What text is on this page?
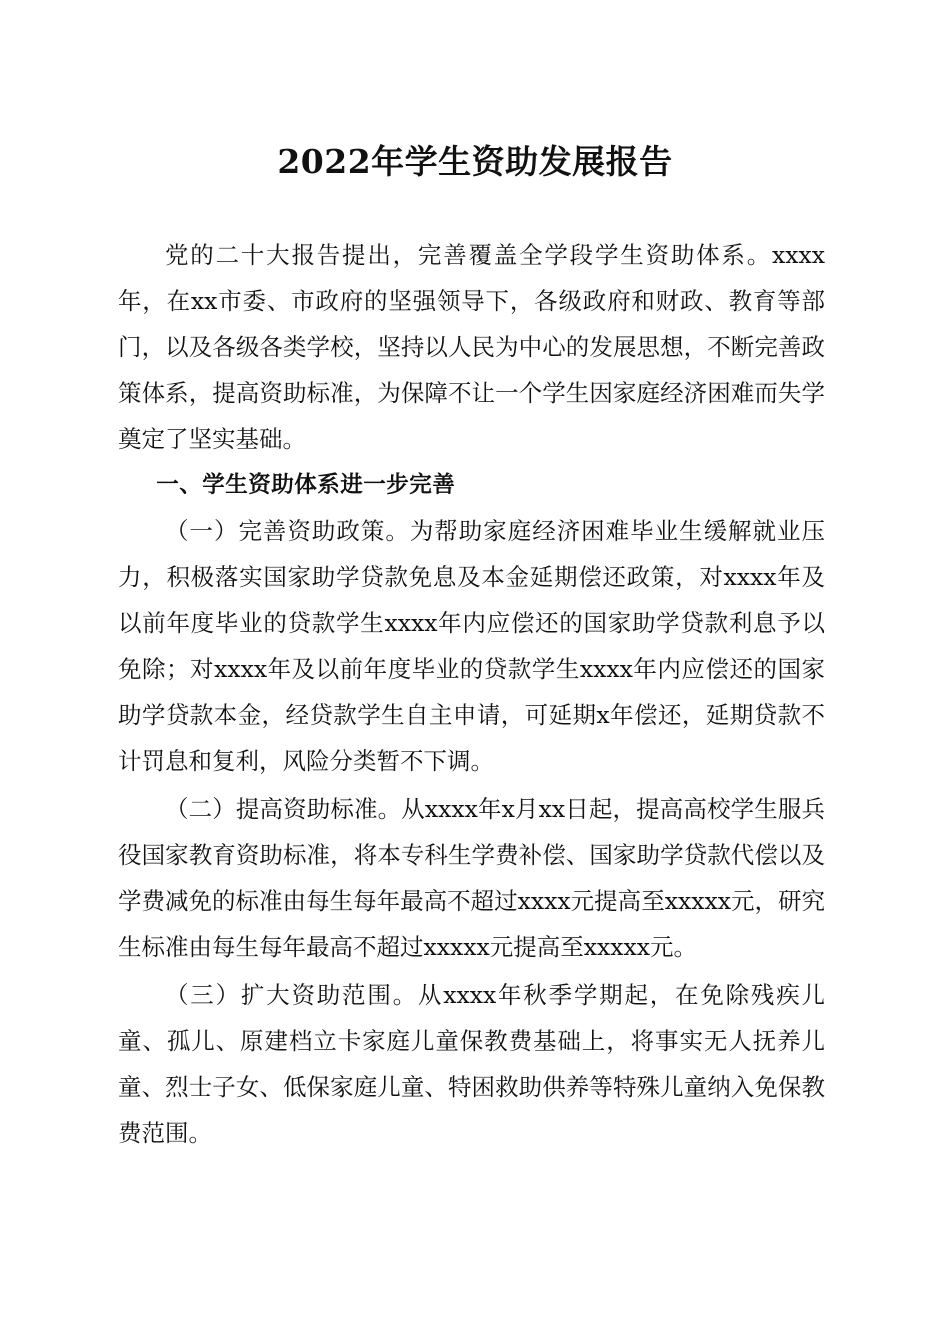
2022年学生资助发展报告

党的二十大报告提出，完善覆盖全学段学生资助体系。xxxx年，在xx市委、市政府的坚强领导下，各级政府和财政、教育等部门，以及各级各类学校，坚持以人民为中心的发展思想，不断完善政策体系，提高资助标准，为保障不让一个学生因家庭经济困难而失学奠定了坚实基础。

一、学生资助体系进一步完善

（一）完善资助政策。为帮助家庭经济困难毕业生缓解就业压力，积极落实国家助学贷款免息及本金延期偿还政策，对xxxx年及以前年度毕业的贷款学生xxxx年内应偿还的国家助学贷款利息予以免除；对xxxx年及以前年度毕业的贷款学生xxxx年内应偿还的国家助学贷款本金，经贷款学生自主申请，可延期x年偿还，延期贷款不计罚息和复利，风险分类暂不下调。

（二）提高资助标准。从xxxx年x月xx日起，提高高校学生服兵役国家教育资助标准，将本专科生学费补偿、国家助学贷款代偿以及学费减免的标准由每生每年最高不超过xxxx元提高至xxxxx元，研究生标准由每生每年最高不超过xxxxx元提高至xxxxx元。

（三）扩大资助范围。从xxxx年秋季学期起，在免除残疾儿童、孤儿、原建档立卡家庭儿童保教费基础上，将事实无人抚养儿童、烈士子女、低保家庭儿童、特困救助供养等特殊儿童纳入免保教费范围。
